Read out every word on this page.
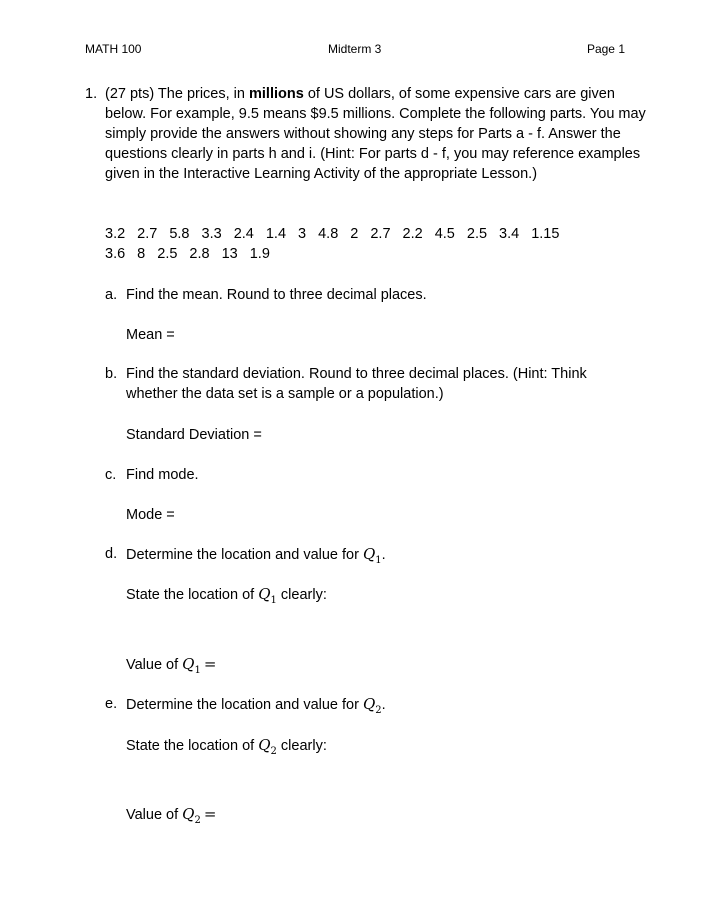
MATH 100	Midterm 3	Page 1
1. (27 pts) The prices, in millions of US dollars, of some expensive cars are given below. For example, 9.5 means $9.5 millions. Complete the following parts. You may simply provide the answers without showing any steps for Parts a - f. Answer the questions clearly in parts h and i. (Hint: For parts d - f, you may reference examples given in the Interactive Learning Activity of the appropriate Lesson.)
3.2 2.7 5.8 3.3 2.4 1.4 3 4.8 2 2.7 2.2 4.5 2.5 3.4 1.15
3.6 8 2.5 2.8 13 1.9
a. Find the mean. Round to three decimal places.
Mean =
b. Find the standard deviation. Round to three decimal places. (Hint: Think whether the data set is a sample or a population.)
Standard Deviation =
c. Find mode.
Mode =
d. Determine the location and value for $Q_1$.
State the location of $Q_1$ clearly:
Value of $Q_1$ =
e. Determine the location and value for $Q_2$.
State the location of $Q_2$ clearly:
Value of $Q_2$ =
